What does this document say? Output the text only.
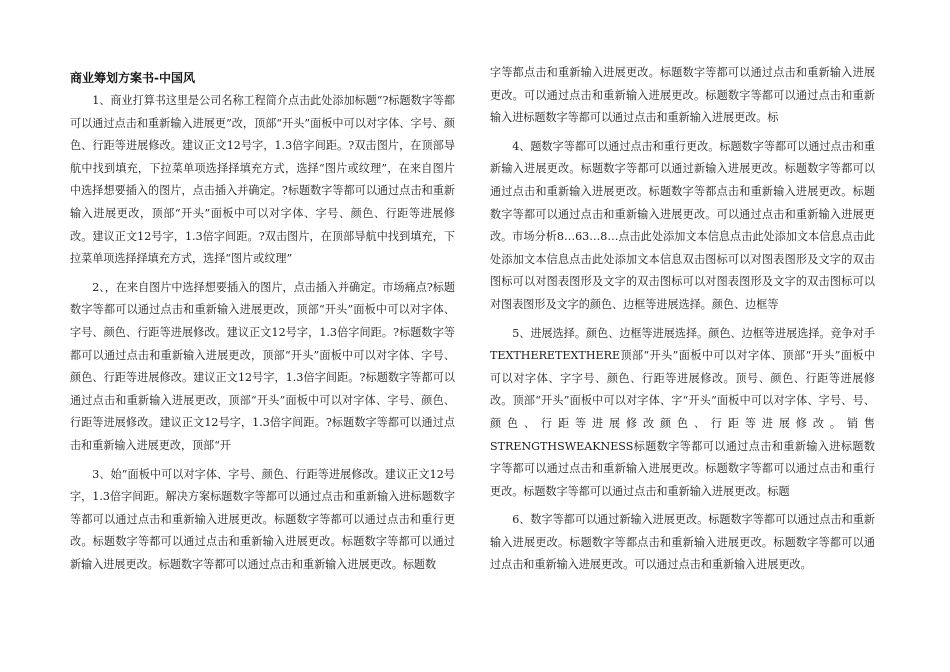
商业筹划方案书-中国风

1、商业打算书这里是公司名称工程简介点击此处添加标题“?标题数字等都可以通过点击和重新输入进展更”改，顶部“开头”面板中可以对字体、字号、颜色、行距等进展修改。建议正文12号字，1.3倍字间距。?双击图片，在顶部导航中找到填充，下拉菜单项选择择填充方式，选择“图片或纹理”，在来自图片中选择想要插入的图片，点击插入并确定。?标题数字等都可以通过点击和重新输入进展更改，顶部“开头”面板中可以对字体、字号、颜色、行距等进展修改。建议正文12号字，1.3倍字间距。?双击图片，在顶部导航中找到填充，下拉菜单项选择择填充方式，选择“图片或纹理”

2、，在来自图片中选择想要插入的图片，点击插入并确定。市场痛点?标题数字等都可以通过点击和重新输入进展更改，顶部“开头”面板中可以对字体、字号、颜色、行距等进展修改。建议正文12号字，1.3倍字间距。?标题数字等都可以通过点击和重新输入进展更改，顶部“开头”面板中可以对字体、字号、颜色、行距等进展修改。建议正文12号字，1.3倍字间距。?标题数字等都可以通过点击和重新输入进展更改，顶部“开头”面板中可以对字体、字号、颜色、行距等进展修改。建议正文12号字，1.3倍字间距。?标题数字等都可以通过点击和重新输入进展更改，顶部“开

3、始”面板中可以对字体、字号、颜色、行距等进展修改。建议正文12号字，1.3倍字间距。解决方案标题数字等都可以通过点击和重新输入进标题数字等都可以通过点击和重新输入进展更改。标题数字等都可以通过点击和重行更改。标题数字等都可以通过点击和重新输入进展更改。标题数字等都可以通过新输入进展更改。标题数字等都可以通过点击和重新输入进展更改。标题数

字等都点击和重新输入进展更改。标题数字等都可以通过点击和重新输入进展更改。可以通过点击和重新输入进展更改。标题数字等都可以通过点击和重新输入进标题数字等都可以通过点击和重新输入进展更改。标

4、题数字等都可以通过点击和重行更改。标题数字等都可以通过点击和重新输入进展更改。标题数字等都可以通过新输入进展更改。标题数字等都可以通过点击和重新输入进展更改。标题数字等都点击和重新输入进展更改。标题数字等都可以通过点击和重新输入进展更改。可以通过点击和重新输入进展更改。市场分析8…63…8…点击此处添加文本信息点击此处添加文本信息点击此处添加文本信息点击此处添加文本信息双击图标可以对图表图形及文字的双击图标可以对图表图形及文字的双击图标可以对图表图形及文字的双击图标可以对图表图形及文字的颜色、边框等进展选择。颜色、边框等

5、进展选择。颜色、边框等进展选择。颜色、边框等进展选择。竞争对手TEXTHERETEXTHERE顶部“开头”面板中可以对字体、顶部“开头”面板中可以对字体、字字号、颜色、行距等进展修改。顶号、颜色、行距等进展修改。顶部“开头”面板中可以对字体、字“开头”面板中可以对字体、字号、号、颜色、行距等进展修改颜色、行距等进展修改。销售STRENGTHSWEAKNESS标题数字等都可以通过点击和重新输入进标题数字等都可以通过点击和重新输入进展更改。标题数字等都可以通过点击和重行更改。标题数字等都可以通过点击和重新输入进展更改。标题

6、数字等都可以通过新输入进展更改。标题数字等都可以通过点击和重新输入进展更改。标题数字等都点击和重新输入进展更改。标题数字等都可以通过点击和重新输入进展更改。可以通过点击和重新输入进展更改。
